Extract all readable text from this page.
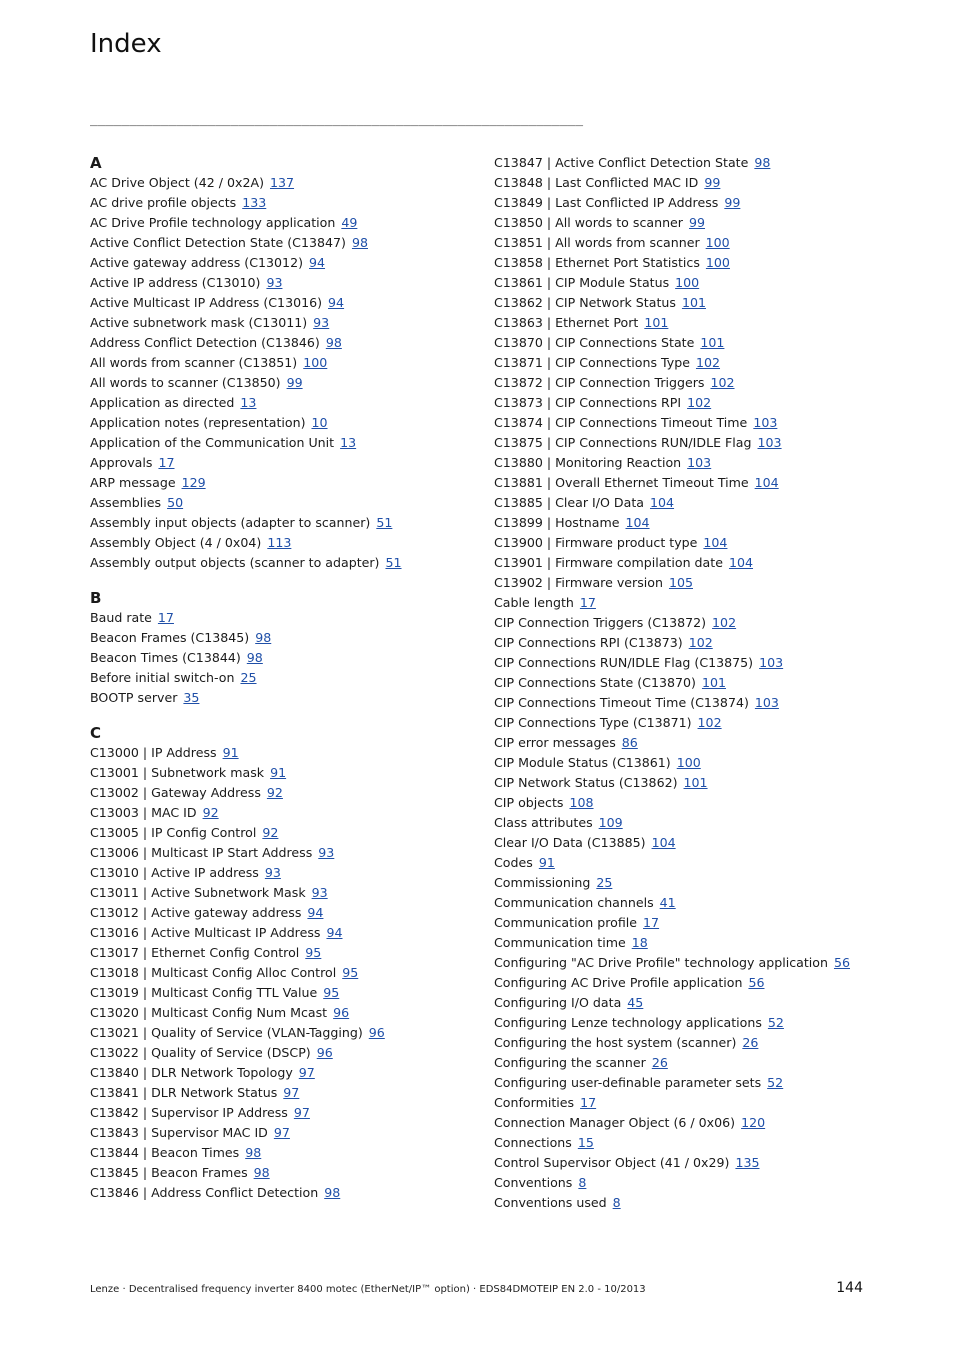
Index
_______________________________________________________________
A
AC Drive Object (42 / 0x2A) 137
AC drive profile objects 133
AC Drive Profile technology application 49
Active Conflict Detection State (C13847) 98
Active gateway address (C13012) 94
Active IP address (C13010) 93
Active Multicast IP Address (C13016) 94
Active subnetwork mask (C13011) 93
Address Conflict Detection (C13846) 98
All words from scanner (C13851) 100
All words to scanner (C13850) 99
Application as directed 13
Application notes (representation) 10
Application of the Communication Unit 13
Approvals 17
ARP message 129
Assemblies 50
Assembly input objects (adapter to scanner) 51
Assembly Object (4 / 0x04) 113
Assembly output objects (scanner to adapter) 51
B
Baud rate 17
Beacon Frames (C13845) 98
Beacon Times (C13844) 98
Before initial switch-on 25
BOOTP server 35
C
C13000 | IP Address 91
C13001 | Subnetwork mask 91
C13002 | Gateway Address 92
C13003 | MAC ID 92
C13005 | IP Config Control 92
C13006 | Multicast IP Start Address 93
C13010 | Active IP address 93
C13011 | Active Subnetwork Mask 93
C13012 | Active gateway address 94
C13016 | Active Multicast IP Address 94
C13017 | Ethernet Config Control 95
C13018 | Multicast Config Alloc Control 95
C13019 | Multicast Config TTL Value 95
C13020 | Multicast Config Num Mcast 96
C13021 | Quality of Service (VLAN-Tagging) 96
C13022 | Quality of Service (DSCP) 96
C13840 | DLR Network Topology 97
C13841 | DLR Network Status 97
C13842 | Supervisor IP Address 97
C13843 | Supervisor MAC ID 97
C13844 | Beacon Times 98
C13845 | Beacon Frames 98
C13846 | Address Conflict Detection 98
C13847 | Active Conflict Detection State 98
C13848 | Last Conflicted MAC ID 99
C13849 | Last Conflicted IP Address 99
C13850 | All words to scanner 99
C13851 | All words from scanner 100
C13858 | Ethernet Port Statistics 100
C13861 | CIP Module Status 100
C13862 | CIP Network Status 101
C13863 | Ethernet Port 101
C13870 | CIP Connections State 101
C13871 | CIP Connections Type 102
C13872 | CIP Connection Triggers 102
C13873 | CIP Connections RPI 102
C13874 | CIP Connections Timeout Time 103
C13875 | CIP Connections RUN/IDLE Flag 103
C13880 | Monitoring Reaction 103
C13881 | Overall Ethernet Timeout Time 104
C13885 | Clear I/O Data 104
C13899 | Hostname 104
C13900 | Firmware product type 104
C13901 | Firmware compilation date 104
C13902 | Firmware version 105
Cable length 17
CIP Connection Triggers (C13872) 102
CIP Connections RPI (C13873) 102
CIP Connections RUN/IDLE Flag (C13875) 103
CIP Connections State (C13870) 101
CIP Connections Timeout Time (C13874) 103
CIP Connections Type (C13871) 102
CIP error messages 86
CIP Module Status (C13861) 100
CIP Network Status (C13862) 101
CIP objects 108
Class attributes 109
Clear I/O Data (C13885) 104
Codes 91
Commissioning 25
Communication channels 41
Communication profile 17
Communication time 18
Configuring "AC Drive Profile" technology application 56
Configuring AC Drive Profile application 56
Configuring I/O data 45
Configuring Lenze technology applications 52
Configuring the host system (scanner) 26
Configuring the scanner 26
Configuring user-definable parameter sets 52
Conformities 17
Connection Manager Object (6 / 0x06) 120
Connections 15
Control Supervisor Object (41 / 0x29) 135
Conventions 8
Conventions used 8
Lenze · Decentralised frequency inverter 8400 motec (EtherNet/IP™ option) · EDS84DMOTEIP EN 2.0 - 10/2013	144
